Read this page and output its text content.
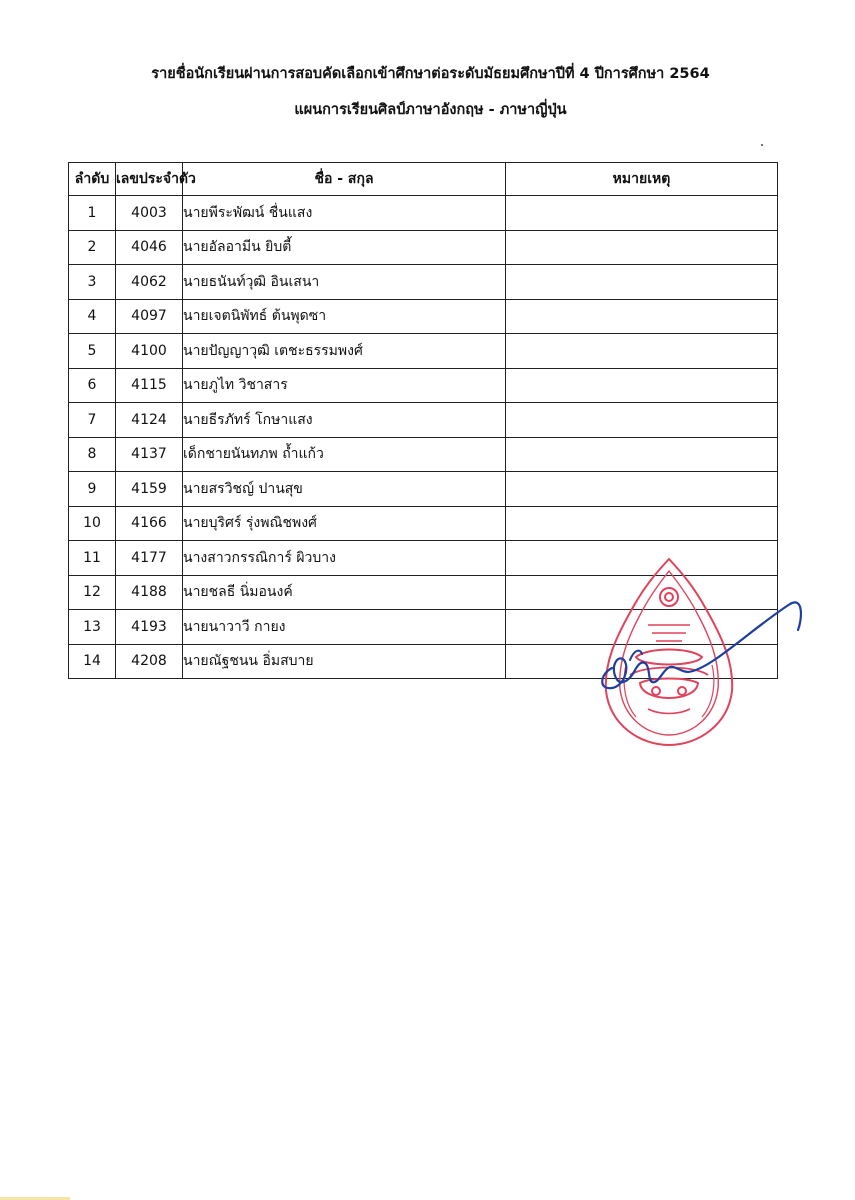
รายชื่อนักเรียนผ่านการสอบคัดเลือกเข้าศึกษาต่อระดับมัธยมศึกษาปีที่ 4 ปีการศึกษา 2564
แผนการเรียนศิลป์ภาษาอังกฤษ - ภาษาญี่ปุ่น
ลำดับ	เลขประจำตัว	ชื่อ - สกุล	หมายเหตุ
1	4003	นายพีระพัฒน์ ชื่นแสง	
2	4046	นายอัลอามีน ยิบตี้	
3	4062	นายธนันท์วุฒิ อินเสนา	
4	4097	นายเจตนิพัทธ์ ต้นพุดซา	
5	4100	นายปัญญาวุฒิ เตชะธรรมพงศ์	
6	4115	นายภูไท วิชาสาร	
7	4124	นายธีรภัทร์ โกษาแสง	
8	4137	เด็กชายนันทภพ ถ้ำแก้ว	
9	4159	นายสรวิชญ์ ปานสุข	
10	4166	นายบุริศร์ รุ่งพณิชพงศ์	
11	4177	นางสาวกรรณิการ์ ผิวบาง	
12	4188	นายชลธี นิ่มอนงค์	
13	4193	นายนาวาวี กายง	
14	4208	นายณัฐชนน อิ่มสบาย	
